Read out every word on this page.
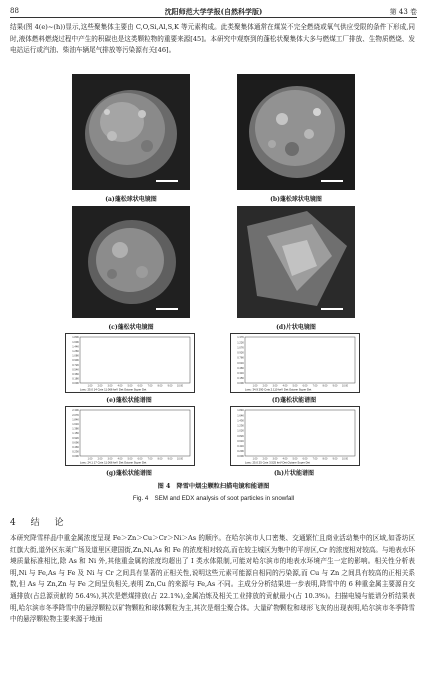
88	沈阳师范大学学报(自然科学版)	第 43 卷
结果(图 4(e)~(h))显示,这些聚集体主要由 C,O,Si,Al,S,K 等元素构成。此类聚集体通常在煤炭不完全燃烧或氧气供应受限的条件下形成,同时,液体燃料燃烧过程中产生的积碳也是这类颗粒物的重要来源[45]。本研究中观察到的蓬松状聚集体大多与燃煤工厂排放、生物质燃烧、发电站运行或汽油、柴油车辆尾气排放等污染源有关[46]。
(a)蓬松球状电镜图	(b)蓬松球状电镜图
(c)蓬松状电镜图	(d)片状电镜图
1.80K
1.60K
1.44K
1.26K
1.08K
0.90K
0.72K
0.54K
0.36K
0.18K
0.00K
1.00 2.00 3.00 4.00 5.00 6.00 7.00 8.00 9.00 10.00
Lsec: 25.0 14 Cnts 11.066 keV Det:Octane Super Det
1.37K
1.22K
1.07K
0.92K
0.76K
0.61K
0.46K
0.31K
0.15K
0.00K
1.00 2.00 3.00 4.00 5.00 6.00 7.00 8.00 9.00 10.00
Lsec: 34.9 290 Cnts 2.110 keV Det:Octane Super Det
(e)蓬松状能谱图	(f)蓬松状能谱图
2.30K
2.07K
1.84K
1.61K
1.38K
1.15K
0.92K
0.69K
0.46K
0.23K
0.00K
1.00 2.00 3.00 4.00 5.00 6.00 7.00 8.00 9.00 10.00
Lsec: 24.1 17 Cnts 11.066 keV Det:Octane Super Det
1.84K
1.64K
1.43K
1.23K
1.02K
0.82K
0.61K
0.41K
0.20K
0.00K
1.00 2.00 3.00 4.00 5.00 6.00 7.00 8.00 9.00 10.00
Lsec: 25.0 25 Cnts 3.525 keV Det:Octane Super Det
(g)蓬松状能谱图	(h)片状能谱图
图 4　降雪中烟尘颗粒扫描电镜和能谱图
Fig. 4　SEM and EDX analysis of soot particles in snowfall
4 结 论
本研究降雪样品中重金属浓度呈现 Fe＞Zn＞Cu＞Cr＞Ni＞As 的顺序。在哈尔滨市人口密集、交通繁忙且商业活动集中的区域,如香坊区红旗大街,道外区东莱广场及道里区建国街,Zn,Ni,As 和 Fe 的浓度相对较高,而在较主城区为集中的平房区,Cr 的浓度相对较高。与地表水环境质量标准相比,除 As 和 Ni 外,其他重金属的浓度均超出了 Ⅰ 类水体限制,可能对哈尔滨市的地表水环境产生一定的影响。相关性分析表明,Ni 与 Fe,As 与 Fe 及 Ni 与 Cr 之间具有显著的正相关性,说明这些元素可能源自相同的污染源,而 Cu 与 Zn 之间具有较高的正相关系数,但 As 与 Zn,Zn 与 Fe 之间呈负相关,表明 Zn,Cu 的来源与 Fe,As 不同。主成分分析结果进一步表明,降雪中的 6 种重金属主要源自交通排放(占总源贡献的 56.4%),其次是燃煤排放(占 22.1%),金属冶炼及相关工业排放的贡献最小(占 10.3%)。扫描电镜与能谱分析结果表明,哈尔滨市冬季降雪中的悬浮颗粒以矿物颗粒和球体颗粒为主,其次是烟尘聚合体。大量矿物颗粒和球形飞灰的出现表明,哈尔滨市冬季降雪中的悬浮颗粒物主要来源于地面
